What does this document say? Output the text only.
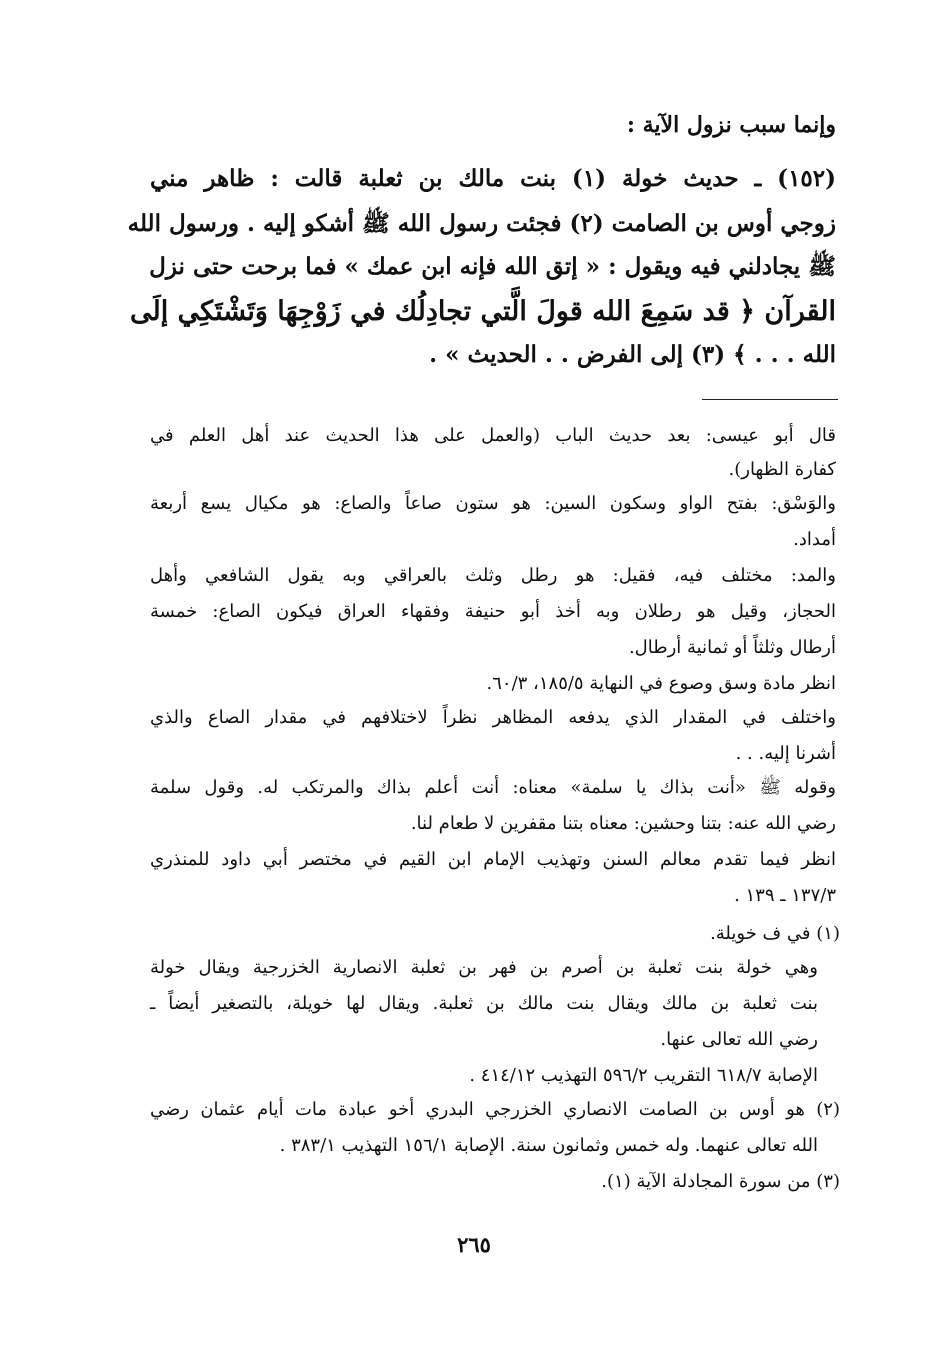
وإنما سبب نزول الآية :
(١٥٢) ـ حديث خولة (١) بنت مالك بن ثعلبة قالت : ظاهر مني
زوجي أوس بن الصامت (٢) فجئت رسول الله ﷺ أشكو إليه . ورسول الله
ﷺ يجادلني فيه ويقول : « إتق الله فإنه ابن عمك » فما برحت حتى نزل
القرآن ﴿ قد سَمِعَ الله قولَ الَّتي تجادِلُك في زَوْجِهَا وَتَشْتَكِي إلَى
الله . . . ﴾ (٣) إلى الفرض . . الحديث » .
قال أبو عيسى: بعد حديث الباب (والعمل على هذا الحديث عند أهل العلم في
كفارة الظهار).
والوَسْق: بفتح الواو وسكون السين: هو ستون صاعاً والصاع: هو مكيال يسع أربعة
أمداد.
والمد: مختلف فيه، فقيل: هو رطل وثلث بالعراقي وبه يقول الشافعي وأهل
الحجاز، وقيل هو رطلان وبه أخذ أبو حنيفة وفقهاء العراق فيكون الصاع: خمسة
أرطال وثلثاً أو ثمانية أرطال.
انظر مادة وسق وصوع في النهاية ١٨٥/٥، ٦٠/٣.
واختلف في المقدار الذي يدفعه المظاهر نظراً لاختلافهم في مقدار الصاع والذي
أشرنا إليه. . .
وقوله ﷺ «أنت بذاك يا سلمة» معناه: أنت أعلم بذاك والمرتكب له. وقول سلمة
رضي الله عنه: بتنا وحشين: معناه بتنا مقفرين لا طعام لنا.
انظر فيما تقدم معالم السنن وتهذيب الإمام ابن القيم في مختصر أبي داود للمنذري
١٣٧/٣ ـ ١٣٩ .
(١) في ف خويلة.
وهي خولة بنت ثعلبة بن أصرم بن فهر بن ثعلبة الانصارية الخزرجية ويقال خولة
بنت ثعلبة بن مالك ويقال بنت مالك بن ثعلبة. ويقال لها خويلة، بالتصغير أيضاً ـ
رضي الله تعالى عنها.
الإصابة ٦١٨/٧ التقريب ٥٩٦/٢ التهذيب ٤١٤/١٢ .
(٢) هو أوس بن الصامت الانصاري الخزرجي البدري أخو عبادة مات أيام عثمان رضي
الله تعالى عنهما. وله خمس وثمانون سنة. الإصابة ١٥٦/١ التهذيب ٣٨٣/١ .
(٣) من سورة المجادلة الآية (١).
٢٦٥
